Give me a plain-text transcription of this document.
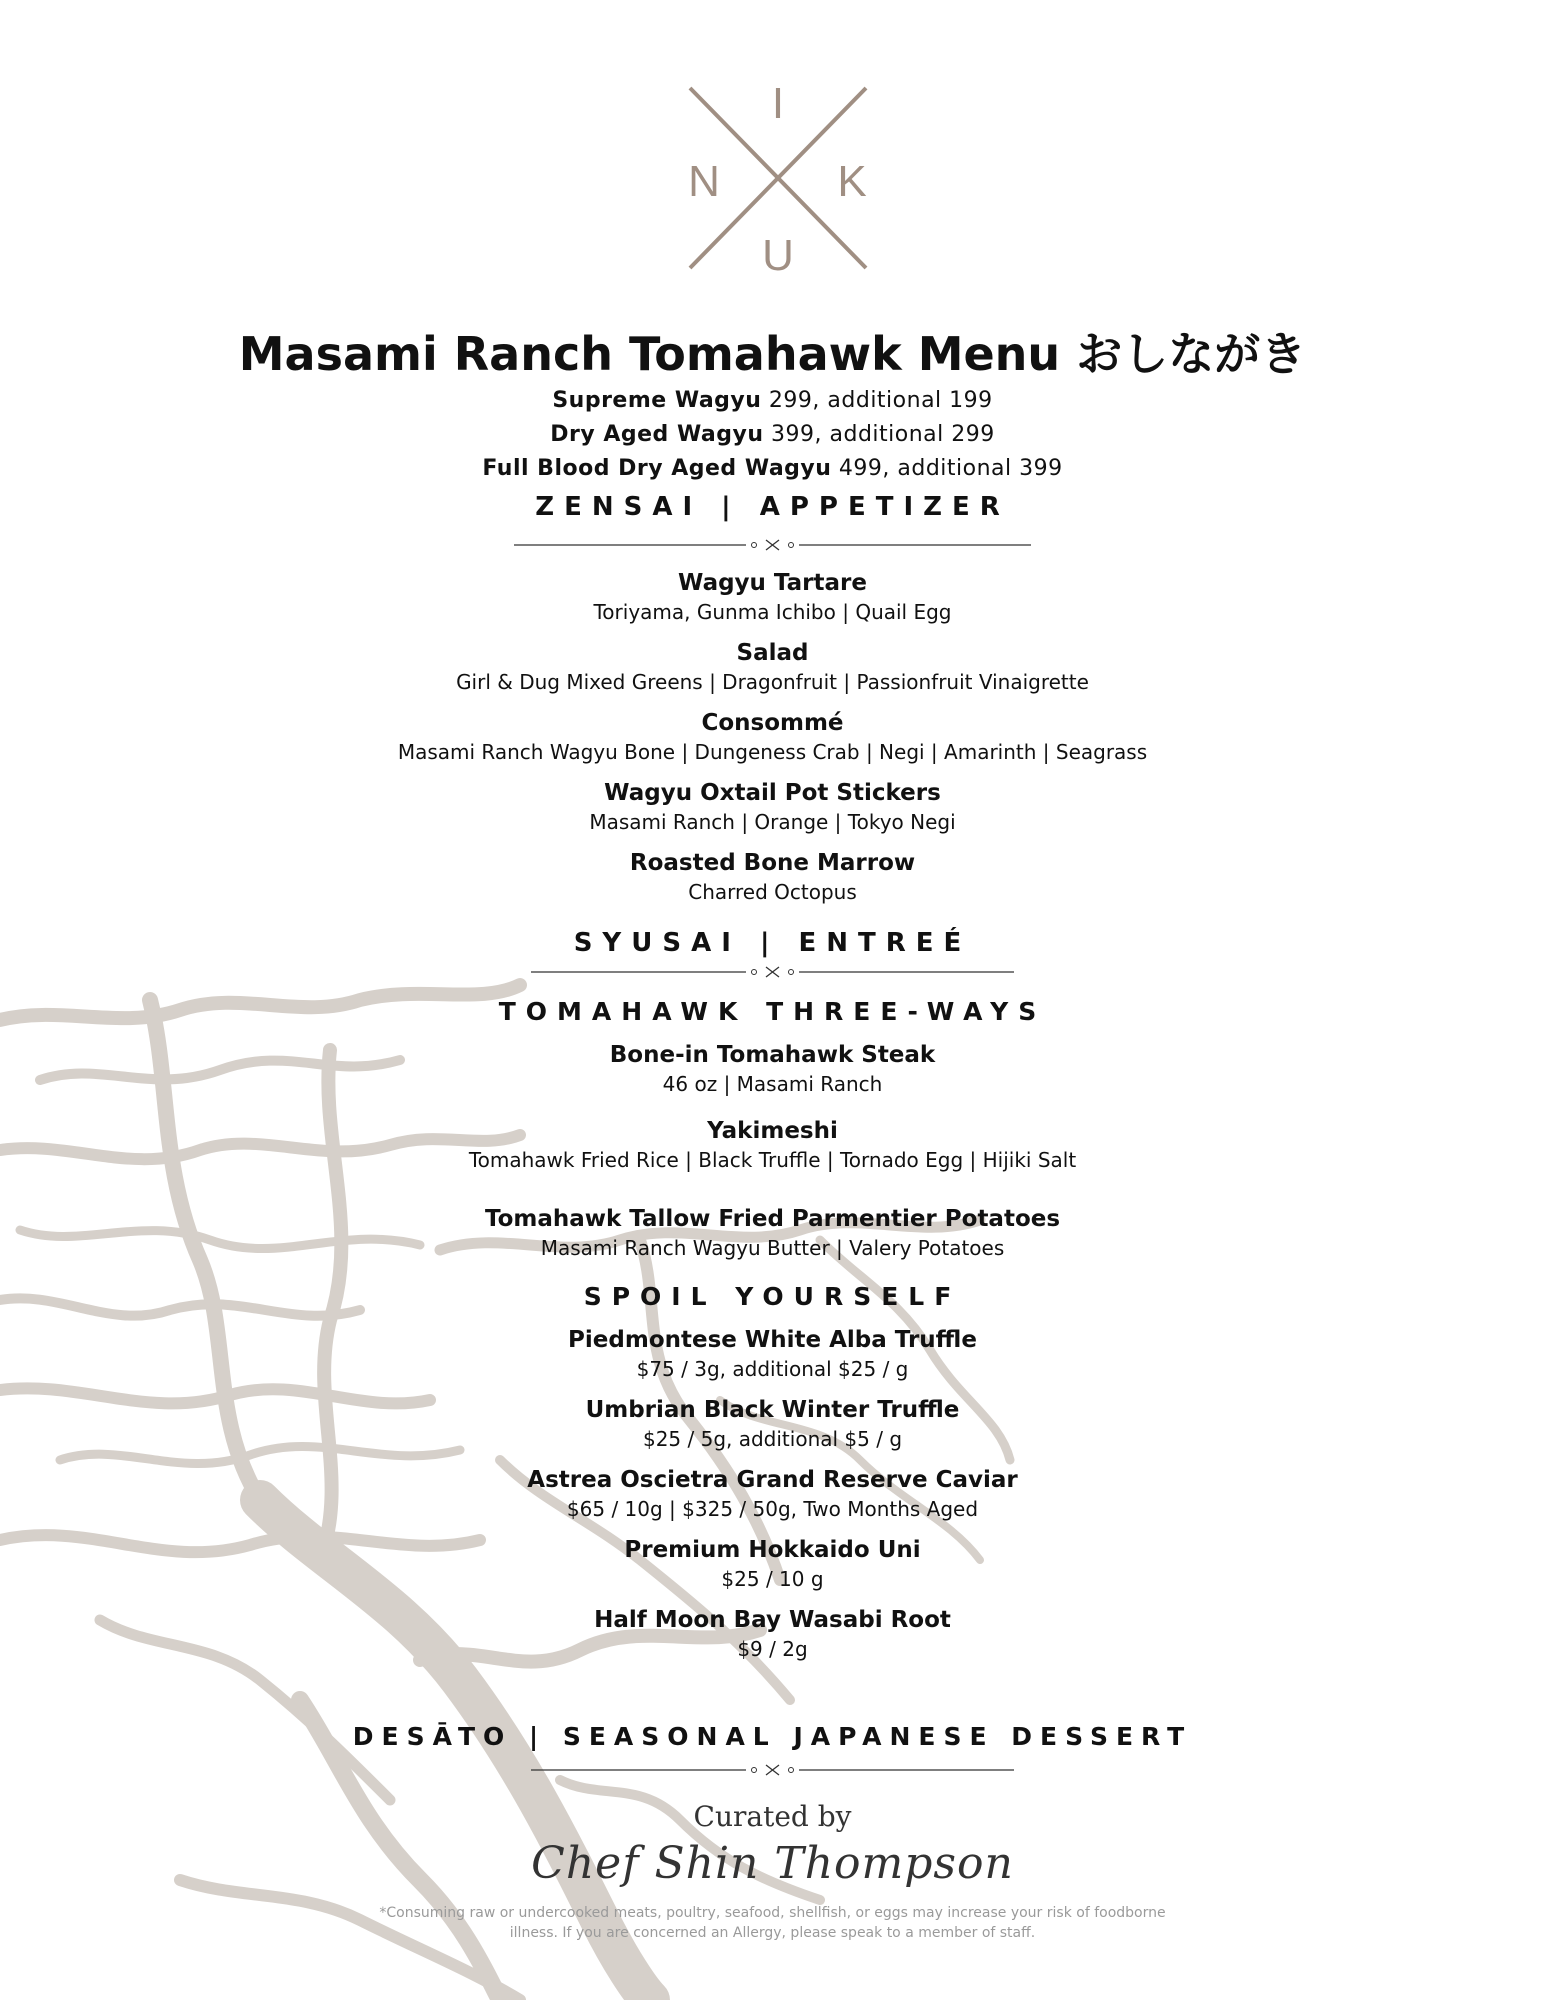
I
N	K
U
Masami Ranch Tomahawk Menu おしながき
Supreme Wagyu 299, additional 199
Dry Aged Wagyu 399, additional 299
Full Blood Dry Aged Wagyu 499, additional 399
ZENSAI | APPETIZER
Wagyu Tartare
Toriyama, Gunma Ichibo | Quail Egg
Salad
Girl & Dug Mixed Greens | Dragonfruit | Passionfruit Vinaigrette
Consommé
Masami Ranch Wagyu Bone | Dungeness Crab | Negi | Amarinth | Seagrass
Wagyu Oxtail Pot Stickers
Masami Ranch | Orange | Tokyo Negi
Roasted Bone Marrow
Charred Octopus
SYUSAI | ENTREÉ
TOMAHAWK THREE-WAYS
Bone-in Tomahawk Steak
46 oz | Masami Ranch
Yakimeshi
Tomahawk Fried Rice | Black Truffle | Tornado Egg | Hijiki Salt
Tomahawk Tallow Fried Parmentier Potatoes
Masami Ranch Wagyu Butter | Valery Potatoes
SPOIL YOURSELF
Piedmontese White Alba Truffle
$75 / 3g, additional $25 / g
Umbrian Black Winter Truffle
$25 / 5g, additional $5 / g
Astrea Oscietra Grand Reserve Caviar
$65 / 10g | $325 / 50g, Two Months Aged
Premium Hokkaido Uni
$25 / 10 g
Half Moon Bay Wasabi Root
$9 / 2g
DESĀTO | SEASONAL JAPANESE DESSERT
Curated by
Chef Shin Thompson
*Consuming raw or undercooked meats, poultry, seafood, shellfish, or eggs may increase your risk of foodborne
illness. If you are concerned an Allergy, please speak to a member of staff.
